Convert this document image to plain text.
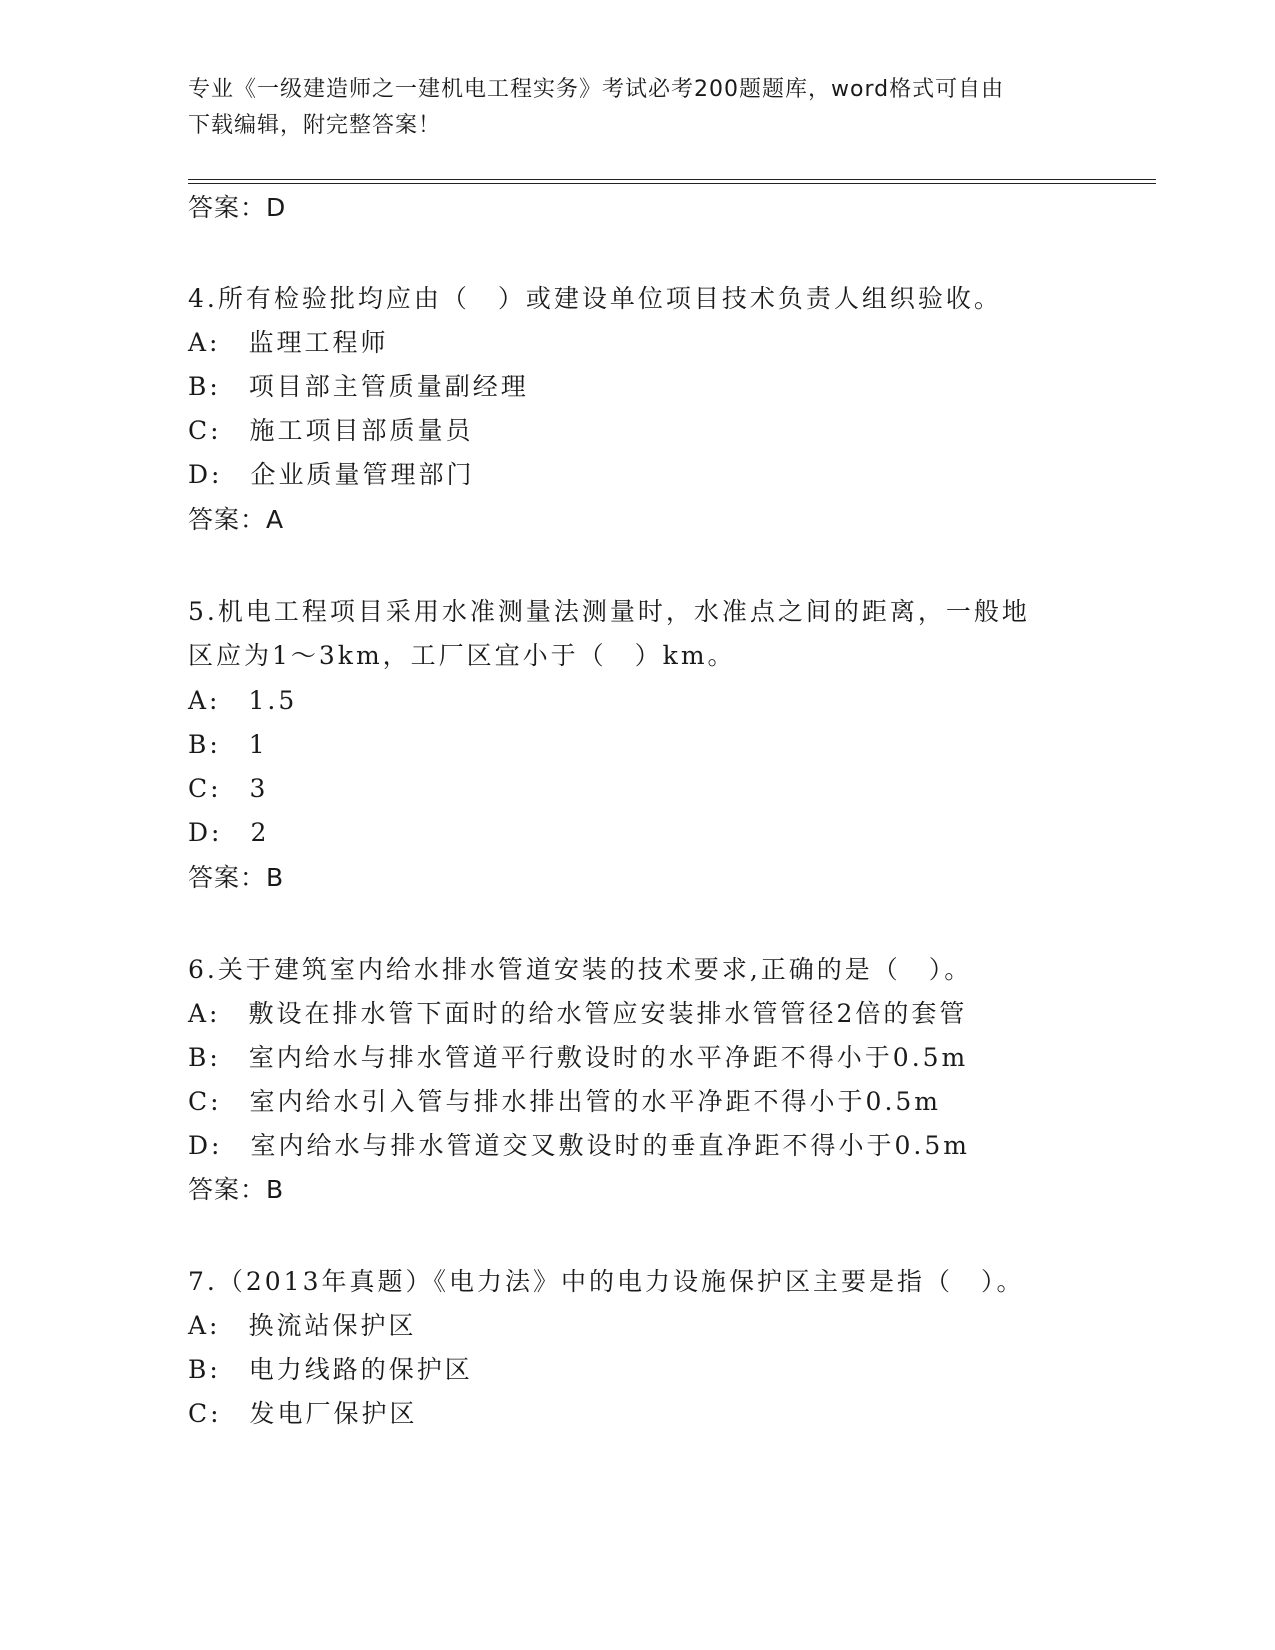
专业《一级建造师之一建机电工程实务》考试必考200题题库，word格式可自由
下载编辑，附完整答案！
答案：D
4.所有检验批均应由（　）或建设单位项目技术负责人组织验收。
A:　监理工程师
B:　项目部主管质量副经理
C:　施工项目部质量员
D:　企业质量管理部门
答案：A
5.机电工程项目采用水准测量法测量时，水准点之间的距离，一般地
区应为1～3km，工厂区宜小于（　）km。
A:　1.5
B:　1
C:　3
D:　2
答案：B
6.关于建筑室内给水排水管道安装的技术要求,正确的是（　）。
A:　敷设在排水管下面时的给水管应安装排水管管径2倍的套管
B:　室内给水与排水管道平行敷设时的水平净距不得小于0.5m
C:　室内给水引入管与排水排出管的水平净距不得小于0.5m
D:　室内给水与排水管道交叉敷设时的垂直净距不得小于0.5m
答案：B
7.（2013年真题）《电力法》中的电力设施保护区主要是指（　）。
A:　换流站保护区
B:　电力线路的保护区
C:　发电厂保护区
